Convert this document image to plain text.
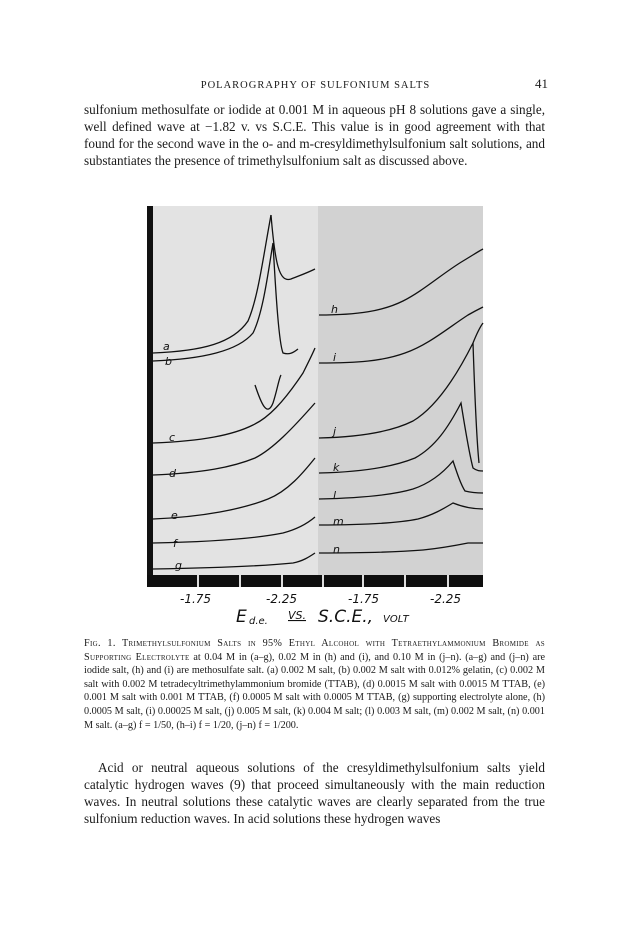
POLAROGRAPHY OF SULFONIUM SALTS	41
sulfonium methosulfate or iodide at 0.001 M in aqueous pH 8 solutions gave a single, well defined wave at −1.82 v. vs S.C.E. This value is in good agreement with that found for the second wave in the o- and m-cresyldimethylsulfonium salt solutions, and substantiates the presence of trimethylsulfonium salt as discussed above.
a
b
c
d
e
f
g
h
i
j
k
l
m
n
-1.75	-2.25	-1.75	-2.25
E d.e. VS. S.C.E., VOLT
Fig. 1. Trimethylsulfonium Salts in 95% Ethyl Alcohol with Tetraethylammonium Bromide as Supporting Electrolyte at 0.04 M in (a–g), 0.02 M in (h) and (i), and 0.10 M in (j–n). (a–g) and (j–n) are iodide salt, (h) and (i) are methosulfate salt. (a) 0.002 M salt, (b) 0.002 M salt with 0.012% gelatin, (c) 0.002 M salt with 0.002 M tetradecyltrimethylammonium bromide (TTAB), (d) 0.0015 M salt with 0.0015 M TTAB, (e) 0.001 M salt with 0.001 M TTAB, (f) 0.0005 M salt with 0.0005 M TTAB, (g) supporting electrolyte alone, (h) 0.0005 M salt, (i) 0.00025 M salt, (j) 0.005 M salt, (k) 0.004 M salt; (l) 0.003 M salt, (m) 0.002 M salt, (n) 0.001 M salt. (a–g) f = 1/50, (h–i) f = 1/20, (j–n) f = 1/200.
Acid or neutral aqueous solutions of the cresyldimethylsulfonium salts yield catalytic hydrogen waves (9) that proceed simultaneously with the main reduction waves. In neutral solutions these catalytic waves are clearly separated from the true sulfonium reduction waves. In acid solutions these hydrogen waves
